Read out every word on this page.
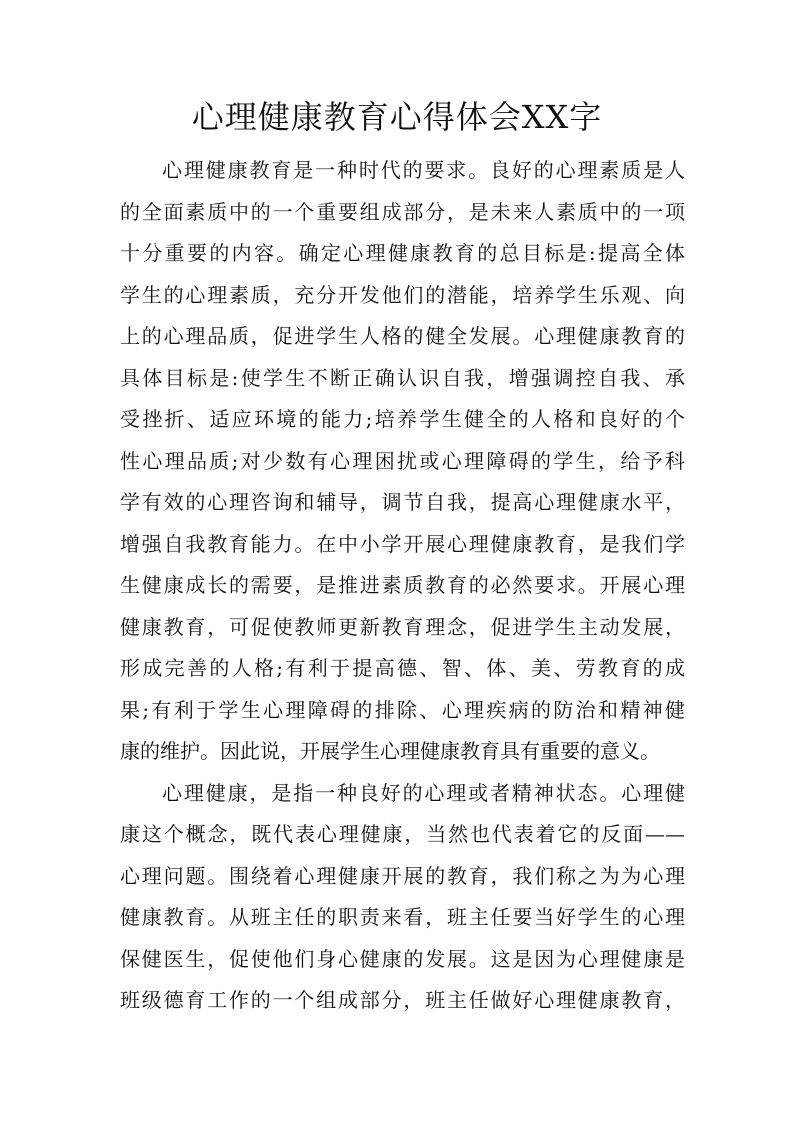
心理健康教育心得体会XX字
心理健康教育是一种时代的要求。良好的心理素质是人
的全面素质中的一个重要组成部分，是未来人素质中的一项
十分重要的内容。确定心理健康教育的总目标是:提高全体
学生的心理素质，充分开发他们的潜能，培养学生乐观、向
上的心理品质，促进学生人格的健全发展。心理健康教育的
具体目标是:使学生不断正确认识自我，增强调控自我、承
受挫折、适应环境的能力;培养学生健全的人格和良好的个
性心理品质;对少数有心理困扰或心理障碍的学生，给予科
学有效的心理咨询和辅导，调节自我，提高心理健康水平，
增强自我教育能力。在中小学开展心理健康教育，是我们学
生健康成长的需要，是推进素质教育的必然要求。开展心理
健康教育，可促使教师更新教育理念，促进学生主动发展，
形成完善的人格;有利于提高德、智、体、美、劳教育的成
果;有利于学生心理障碍的排除、心理疾病的防治和精神健
康的维护。因此说，开展学生心理健康教育具有重要的意义。
心理健康，是指一种良好的心理或者精神状态。心理健
康这个概念，既代表心理健康，当然也代表着它的反面——
心理问题。围绕着心理健康开展的教育，我们称之为为心理
健康教育。从班主任的职责来看，班主任要当好学生的心理
保健医生，促使他们身心健康的发展。这是因为心理健康是
班级德育工作的一个组成部分，班主任做好心理健康教育，
